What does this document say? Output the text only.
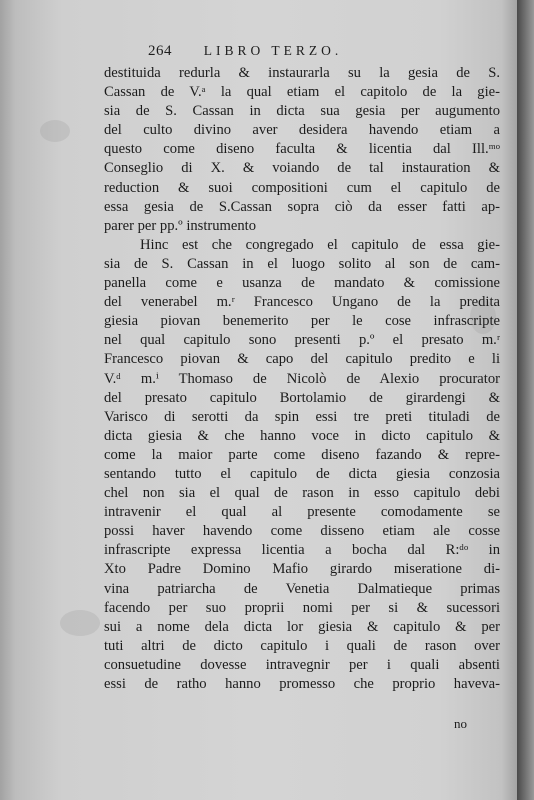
264 LIBRO TERZO.
destituida redurla & instaurarla su la gesia de S.
Cassan de V.ᵃ la qual etiam el capitolo de la gie-
sia de S. Cassan in dicta sua gesia per augumento
del culto divino aver desidera havendo etiam a
questo come diseno faculta & licentia dal Ill.ᵐᵒ
Conseglio di X. & voiando de tal instauration &
reduction & suoi compositioni cum el capitulo de
essa gesia de S.Cassan sopra ciò da esser fatti ap-
parer per pp.º instrumento
Hinc est che congregado el capitulo de essa gie-
sia de S. Cassan in el luogo solito al son de cam-
panella come e usanza de mandato & comissione
del venerabel m.ʳ Francesco Ungano de la predita
giesia piovan benemerito per le cose infrascripte
nel qual capitulo sono presenti p.º el presato m.ʳ
Francesco piovan & capo del capitulo predito e li
V.ᵈ m.ⁱ Thomaso de Nicolò de Alexio procurator
del presato capitulo Bortolamio de girardengi &
Varisco di serotti da spin essi tre preti tituladi de
dicta giesia & che hanno voce in dicto capitulo &
come la maior parte come diseno fazando & repre-
sentando tutto el capitulo de dicta giesia conzosia
chel non sia el qual de rason in esso capitulo debi
intravenir el qual al presente comodamente se
possi haver havendo come disseno etiam ale cosse
infrascripte expressa licentia a bocha dal R:ᵈᵒ in
Xto Padre Domino Mafio girardo miseratione di-
vina patriarcha de Venetia Dalmatieque primas
facendo per suo proprii nomi per si & sucessori
sui a nome dela dicta lor giesia & capitulo & per
tuti altri de dicto capitulo i quali de rason over
consuetudine dovesse intravegnir per i quali absenti
essi de ratho hanno promesso che proprio haveva-
no
